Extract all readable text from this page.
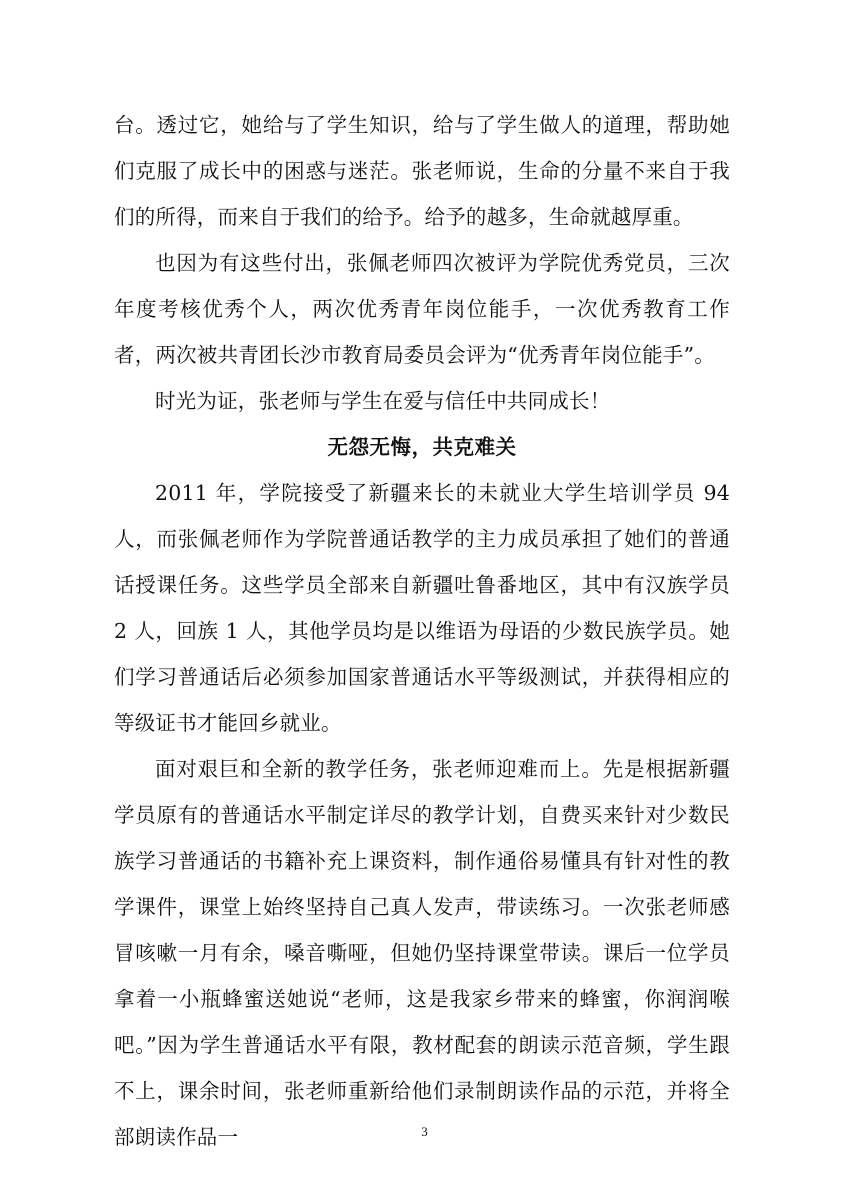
台。透过它，她给与了学生知识，给与了学生做人的道理，帮助她们克服了成长中的困惑与迷茫。张老师说，生命的分量不来自于我们的所得，而来自于我们的给予。给予的越多，生命就越厚重。

也因为有这些付出，张佩老师四次被评为学院优秀党员，三次年度考核优秀个人，两次优秀青年岗位能手，一次优秀教育工作者，两次被共青团长沙市教育局委员会评为“优秀青年岗位能手”。

时光为证，张老师与学生在爱与信任中共同成长！

无怨无悔，共克难关

2011 年，学院接受了新疆来长的未就业大学生培训学员 94 人，而张佩老师作为学院普通话教学的主力成员承担了她们的普通话授课任务。这些学员全部来自新疆吐鲁番地区，其中有汉族学员 2 人，回族 1 人，其他学员均是以维语为母语的少数民族学员。她们学习普通话后必须参加国家普通话水平等级测试，并获得相应的等级证书才能回乡就业。

面对艰巨和全新的教学任务，张老师迎难而上。先是根据新疆学员原有的普通话水平制定详尽的教学计划，自费买来针对少数民族学习普通话的书籍补充上课资料，制作通俗易懂具有针对性的教学课件，课堂上始终坚持自己真人发声，带读练习。一次张老师感冒咳嗽一月有余，嗓音嘶哑，但她仍坚持课堂带读。课后一位学员拿着一小瓶蜂蜜送她说“老师，这是我家乡带来的蜂蜜，你润润喉吧。”因为学生普通话水平有限，教材配套的朗读示范音频，学生跟不上，课余时间，张老师重新给他们录制朗读作品的示范，并将全部朗读作品一	3
